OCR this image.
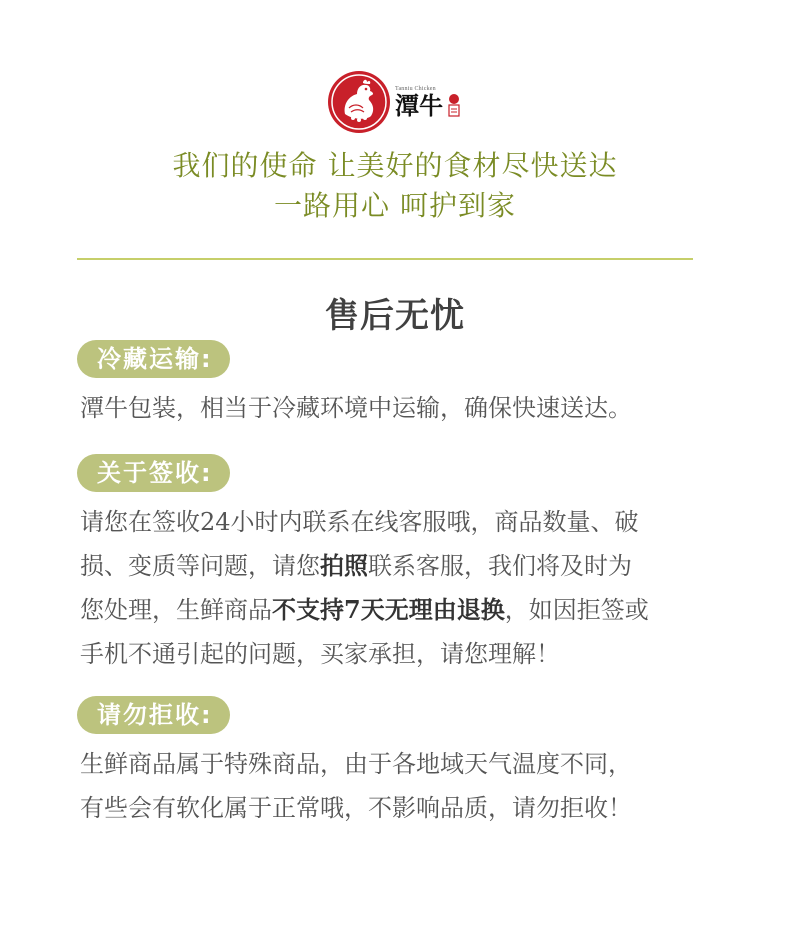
Tanniu Chicken
潭牛
我们的使命 让美好的食材尽快送达
一路用心 呵护到家
售后无忧
冷藏运输:
潭牛包装，相当于冷藏环境中运输，确保快速送达。
关于签收:
请您在签收24小时内联系在线客服哦，商品数量、破
损、变质等问题，请您拍照联系客服，我们将及时为
您处理，生鲜商品不支持7天无理由退换，如因拒签或
手机不通引起的问题，买家承担，请您理解！
请勿拒收:
生鲜商品属于特殊商品，由于各地域天气温度不同，
有些会有软化属于正常哦，不影响品质，请勿拒收！
